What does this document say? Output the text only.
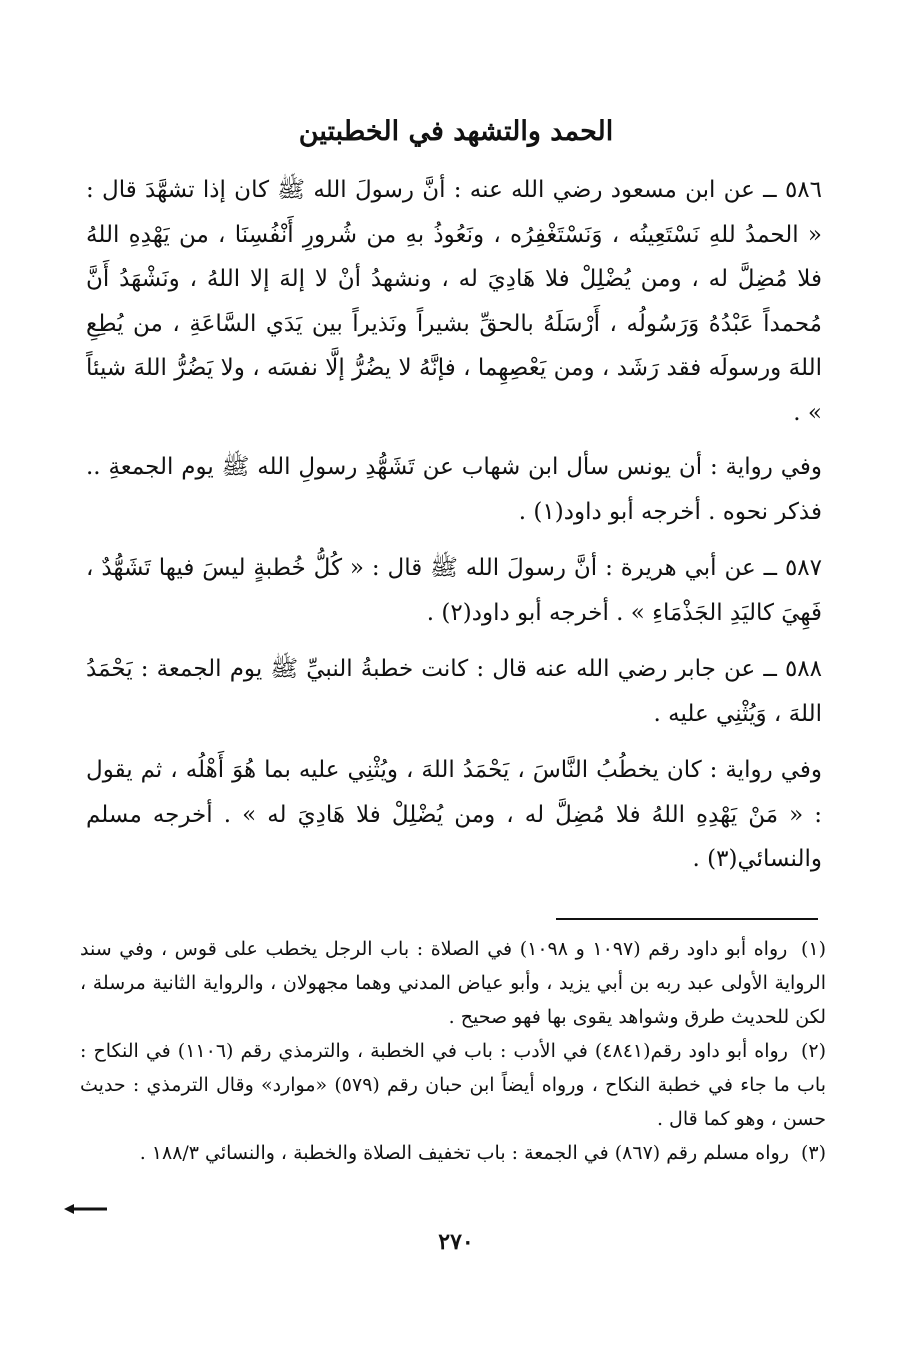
الحمد والتشهد في الخطبتين

٥٨٦ ــ عن ابن مسعود رضي الله عنه : أنَّ رسولَ الله ﷺ كان إذا تشهَّدَ قال : « الحمدُ للهِ نَسْتَعِينُه ، وَنَسْتَغْفِرُه ، ونَعُوذُ بهِ من شُرورِ أَنْفُسِنَا ، من يَهْدِهِ اللهُ فلا مُضِلَّ له ، ومن يُضْلِلْ فلا هَادِيَ له ، ونشهدُ أنْ لا إلهَ إلا اللهُ ، ونَشْهَدُ أَنَّ مُحمداً عَبْدُهُ وَرَسُولُه ، أَرْسَلَهُ بالحقِّ بشيراً ونَذيراً بين يَدَي السَّاعَةِ ، من يُطِعِ اللهَ ورسولَه فقد رَشَد ، ومن يَعْصِهِما ، فإنَّهُ لا يضُرُّ إلَّا نفسَه ، ولا يَضُرُّ اللهَ شيئاً » .

وفي رواية : أن يونس سأل ابن شهاب عن تَشَهُّدِ رسولِ الله ﷺ يوم الجمعةِ .. فذكر نحوه . أخرجه أبو داود(١) .

٥٨٧ ــ عن أبي هريرة : أنَّ رسولَ الله ﷺ قال : « كُلُّ خُطبةٍ ليسَ فيها تَشَهُّدٌ ، فَهِيَ كاليَدِ الجَذْمَاءِ » . أخرجه أبو داود(٢) .

٥٨٨ ــ عن جابر رضي الله عنه قال : كانت خطبةُ النبيِّ ﷺ يوم الجمعة : يَحْمَدُ اللهَ ، وَيُثْنِي عليه .

وفي رواية : كان يخطُبُ النَّاسَ ، يَحْمَدُ اللهَ ، ويُثْنِي عليه بما هُوَ أَهْلُه ، ثم يقول : « مَنْ يَهْدِهِ اللهُ فلا مُضِلَّ له ، ومن يُضْلِلْ فلا هَادِيَ له » . أخرجه مسلم والنسائي(٣) .

(١) رواه أبو داود رقم (١٠٩٧ و ١٠٩٨) في الصلاة : باب الرجل يخطب على قوس ، وفي سند الرواية الأولى عبد ربه بن أبي يزيد ، وأبو عياض المدني وهما مجهولان ، والرواية الثانية مرسلة ، لكن للحديث طرق وشواهد يقوى بها فهو صحيح .

(٢) رواه أبو داود رقم(٤٨٤١) في الأدب : باب في الخطبة ، والترمذي رقم (١١٠٦) في النكاح : باب ما جاء في خطبة النكاح ، ورواه أيضاً ابن حبان رقم (٥٧٩) «موارد» وقال الترمذي : حديث حسن ، وهو كما قال .

(٣) رواه مسلم رقم (٨٦٧) في الجمعة : باب تخفيف الصلاة والخطبة ، والنسائي ١٨٨/٣ .

٢٧٠
